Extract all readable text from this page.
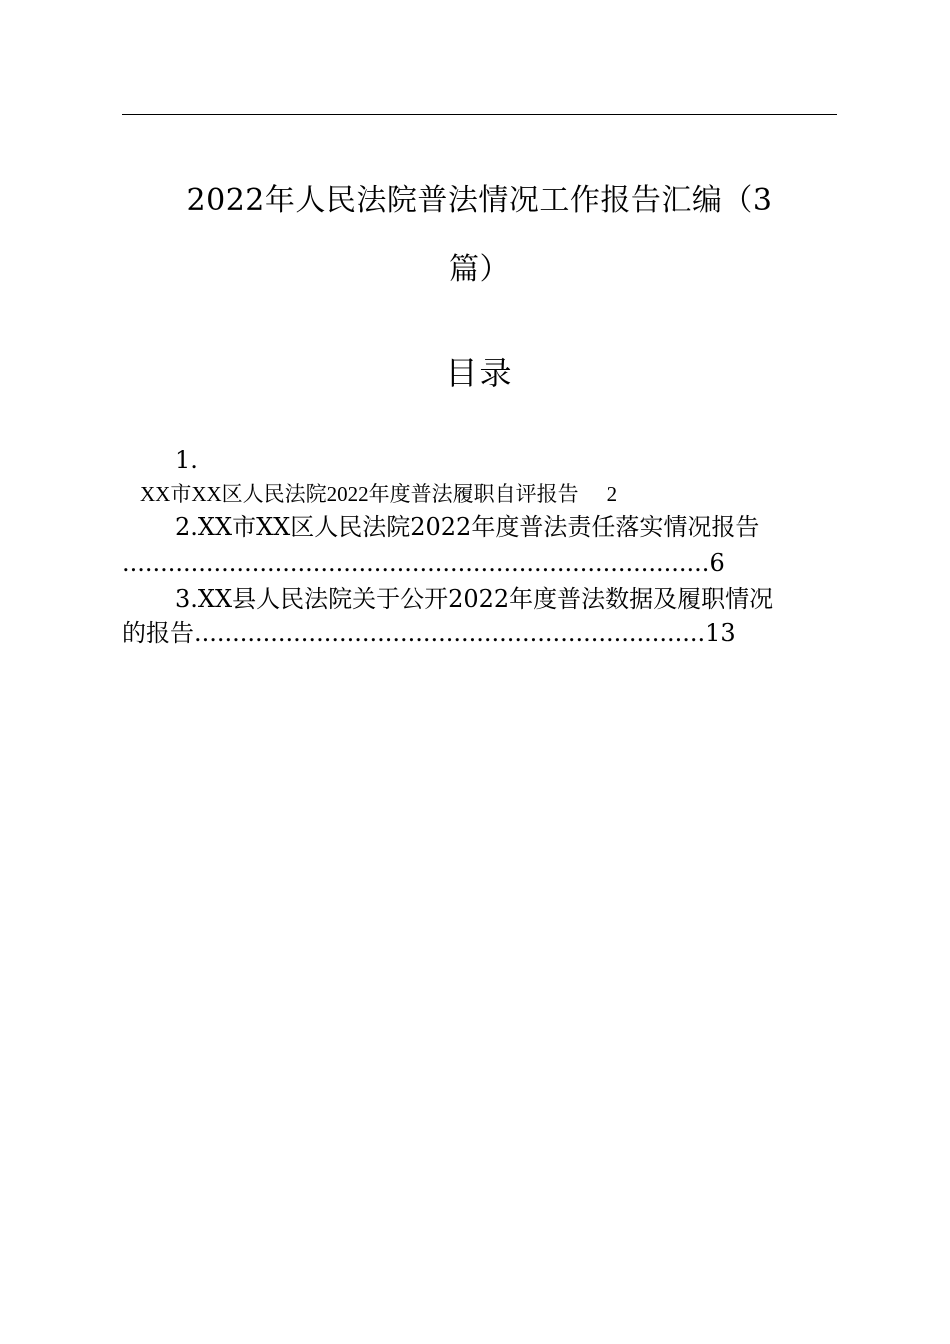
2022年人民法院普法情况工作报告汇编（3
篇）
目录
1.
XX市XX区人民法院2022年度普法履职自评报告 2
2.XX市XX区人民法院2022年度普法责任落实情况报告
.............................................................................6
3.XX县人民法院关于公开2022年度普法数据及履职情况
的报告...................................................................13
